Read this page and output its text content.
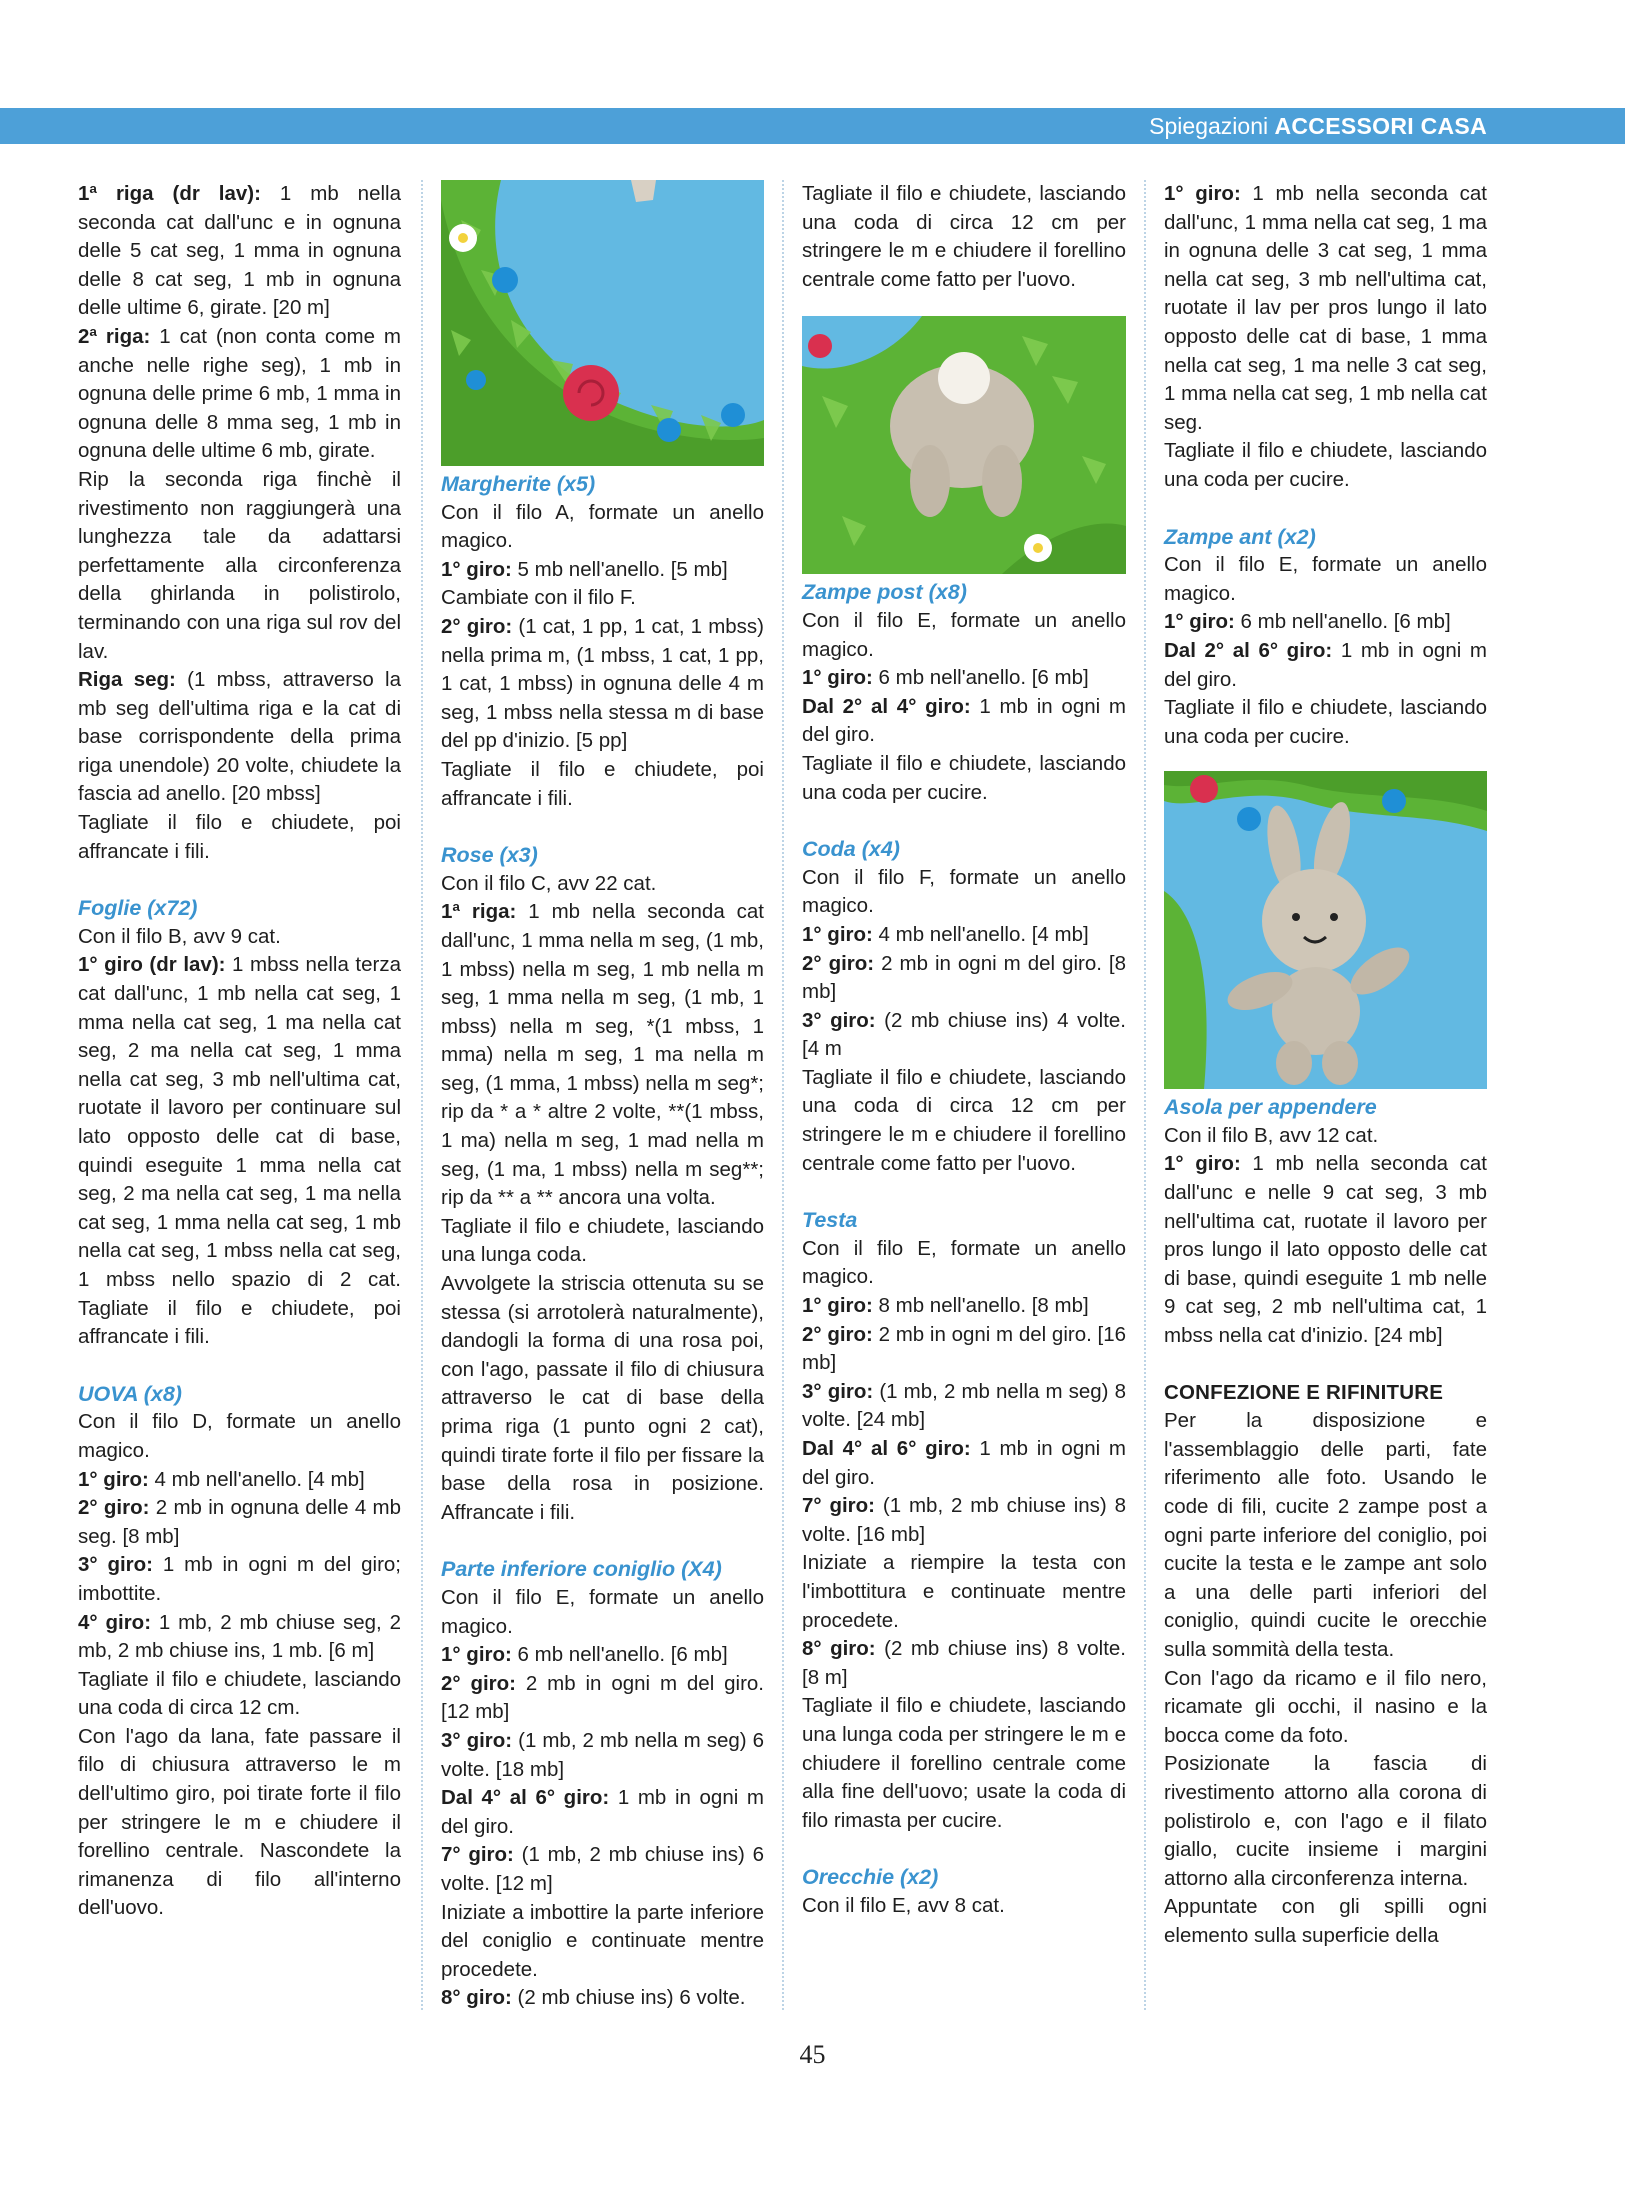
Spiegazioni ACCESSORI CASA

1ª riga (dr lav): 1 mb nella seconda cat dall'unc e in ognuna delle 5 cat seg, 1 mma in ognuna delle 8 cat seg, 1 mb in ognuna delle ultime 6, girate. [20 m]

2ª riga: 1 cat (non conta come m anche nelle righe seg), 1 mb in ognuna delle prime 6 mb, 1 mma in ognuna delle 8 mma seg, 1 mb in ognuna delle ultime 6 mb, girate.

Rip la seconda riga finchè il rivestimento non raggiungerà una lunghezza tale da adattarsi perfettamente alla circonferenza della ghirlanda in polistirolo, terminando con una riga sul rov del lav.

Riga seg: (1 mbss, attraverso la mb seg dell'ultima riga e la cat di base corrispondente della prima riga unendole) 20 volte, chiudete la fascia ad anello. [20 mbss]

Tagliate il filo e chiudete, poi affrancate i fili.

Foglie (x72)

Con il filo B, avv 9 cat.

1° giro (dr lav): 1 mbss nella terza cat dall'unc, 1 mb nella cat seg, 1 mma nella cat seg, 1 ma nella cat seg, 2 ma nella cat seg, 1 mma nella cat seg, 3 mb nell'ultima cat, ruotate il lavoro per continuare sul lato opposto delle cat di base, quindi eseguite 1 mma nella cat seg, 2 ma nella cat seg, 1 ma nella cat seg, 1 mma nella cat seg, 1 mb nella cat seg, 1 mbss nella cat seg, 1 mbss nello spazio di 2 cat. Tagliate il filo e chiudete, poi affrancate i fili.

UOVA (x8)

Con il filo D, formate un anello magico.

1° giro: 4 mb nell'anello. [4 mb]

2° giro: 2 mb in ognuna delle 4 mb seg. [8 mb]

3° giro: 1 mb in ogni m del giro; imbottite.

4° giro: 1 mb, 2 mb chiuse seg, 2 mb, 2 mb chiuse ins, 1 mb. [6 m]

Tagliate il filo e chiudete, lasciando una coda di circa 12 cm.

Con l'ago da lana, fate passare il filo di chiusura attraverso le m dell'ultimo giro, poi tirate forte il filo per stringere le m e chiudere il forellino centrale. Nascondete la rimanenza di filo all'interno dell'uovo.

Margherite (x5)

Con il filo A, formate un anello magico.

1° giro: 5 mb nell'anello. [5 mb]

Cambiate con il filo F.

2° giro: (1 cat, 1 pp, 1 cat, 1 mbss) nella prima m, (1 mbss, 1 cat, 1 pp, 1 cat, 1 mbss) in ognuna delle 4 m seg, 1 mbss nella stessa m di base del pp d'inizio. [5 pp]

Tagliate il filo e chiudete, poi affrancate i fili.

Rose (x3)

Con il filo C, avv 22 cat.

1ª riga: 1 mb nella seconda cat dall'unc, 1 mma nella m seg, (1 mb, 1 mbss) nella m seg, 1 mb nella m seg, 1 mma nella m seg, (1 mb, 1 mbss) nella m seg, *(1 mbss, 1 mma) nella m seg, 1 ma nella m seg, (1 mma, 1 mbss) nella m seg*; rip da * a * altre 2 volte, **(1 mbss, 1 ma) nella m seg, 1 mad nella m seg, (1 ma, 1 mbss) nella m seg**; rip da ** a ** ancora una volta.

Tagliate il filo e chiudete, lasciando una lunga coda.

Avvolgete la striscia ottenuta su se stessa (si arrotolerà naturalmente), dandogli la forma di una rosa poi, con l'ago, passate il filo di chiusura attraverso le cat di base della prima riga (1 punto ogni 2 cat), quindi tirate forte il filo per fissare la base della rosa in posizione. Affrancate i fili.

Parte inferiore coniglio (X4)

Con il filo E, formate un anello magico.

1° giro: 6 mb nell'anello. [6 mb]

2° giro: 2 mb in ogni m del giro. [12 mb]

3° giro: (1 mb, 2 mb nella m seg) 6 volte. [18 mb]

Dal 4° al 6° giro: 1 mb in ogni m del giro.

7° giro: (1 mb, 2 mb chiuse ins) 6 volte. [12 m]

Iniziate a imbottire la parte inferiore del coniglio e continuate mentre procedete.

8° giro: (2 mb chiuse ins) 6 volte.

Tagliate il filo e chiudete, lasciando una coda di circa 12 cm per stringere le m e chiudere il forellino centrale come fatto per l'uovo.

Zampe post (x8)

Con il filo E, formate un anello magico.

1° giro: 6 mb nell'anello. [6 mb]

Dal 2° al 4° giro: 1 mb in ogni m del giro.

Tagliate il filo e chiudete, lasciando una coda per cucire.

Coda (x4)

Con il filo F, formate un anello magico.

1° giro: 4 mb nell'anello. [4 mb]

2° giro: 2 mb in ogni m del giro. [8 mb]

3° giro: (2 mb chiuse ins) 4 volte. [4 m

Tagliate il filo e chiudete, lasciando una coda di circa 12 cm per stringere le m e chiudere il forellino centrale come fatto per l'uovo.

Testa

Con il filo E, formate un anello magico.

1° giro: 8 mb nell'anello. [8 mb]

2° giro: 2 mb in ogni m del giro. [16 mb]

3° giro: (1 mb, 2 mb nella m seg) 8 volte. [24 mb]

Dal 4° al 6° giro: 1 mb in ogni m del giro.

7° giro: (1 mb, 2 mb chiuse ins) 8 volte. [16 mb]

Iniziate a riempire la testa con l'imbottitura e continuate mentre procedete.

8° giro: (2 mb chiuse ins) 8 volte. [8 m]

Tagliate il filo e chiudete, lasciando una lunga coda per stringere le m e chiudere il forellino centrale come alla fine dell'uovo; usate la coda di filo rimasta per cucire.

Orecchie (x2)

Con il filo E, avv 8 cat.

1° giro: 1 mb nella seconda cat dall'unc, 1 mma nella cat seg, 1 ma in ognuna delle 3 cat seg, 1 mma nella cat seg, 3 mb nell'ultima cat, ruotate il lav per pros lungo il lato opposto delle cat di base, 1 mma nella cat seg, 1 ma nelle 3 cat seg, 1 mma nella cat seg, 1 mb nella cat seg.

Tagliate il filo e chiudete, lasciando una coda per cucire.

Zampe ant (x2)

Con il filo E, formate un anello magico.

1° giro: 6 mb nell'anello. [6 mb]

Dal 2° al 6° giro: 1 mb in ogni m del giro.

Tagliate il filo e chiudete, lasciando una coda per cucire.

Asola per appendere

Con il filo B, avv 12 cat.

1° giro: 1 mb nella seconda cat dall'unc e nelle 9 cat seg, 3 mb nell'ultima cat, ruotate il lavoro per pros lungo il lato opposto delle cat di base, quindi eseguite 1 mb nelle 9 cat seg, 2 mb nell'ultima cat, 1 mbss nella cat d'inizio. [24 mb]

CONFEZIONE E RIFINITURE

Per la disposizione e l'assemblaggio delle parti, fate riferimento alle foto. Usando le code di fili, cucite 2 zampe post a ogni parte inferiore del coniglio, poi cucite la testa e le zampe ant solo a una delle parti inferiori del coniglio, quindi cucite le orecchie sulla sommità della testa.

Con l'ago da ricamo e il filo nero, ricamate gli occhi, il nasino e la bocca come da foto.

Posizionate la fascia di rivestimento attorno alla corona di polistirolo e, con l'ago e il filato giallo, cucite insieme i margini attorno alla circonferenza interna.

Appuntate con gli spilli ogni elemento sulla superficie della

45
